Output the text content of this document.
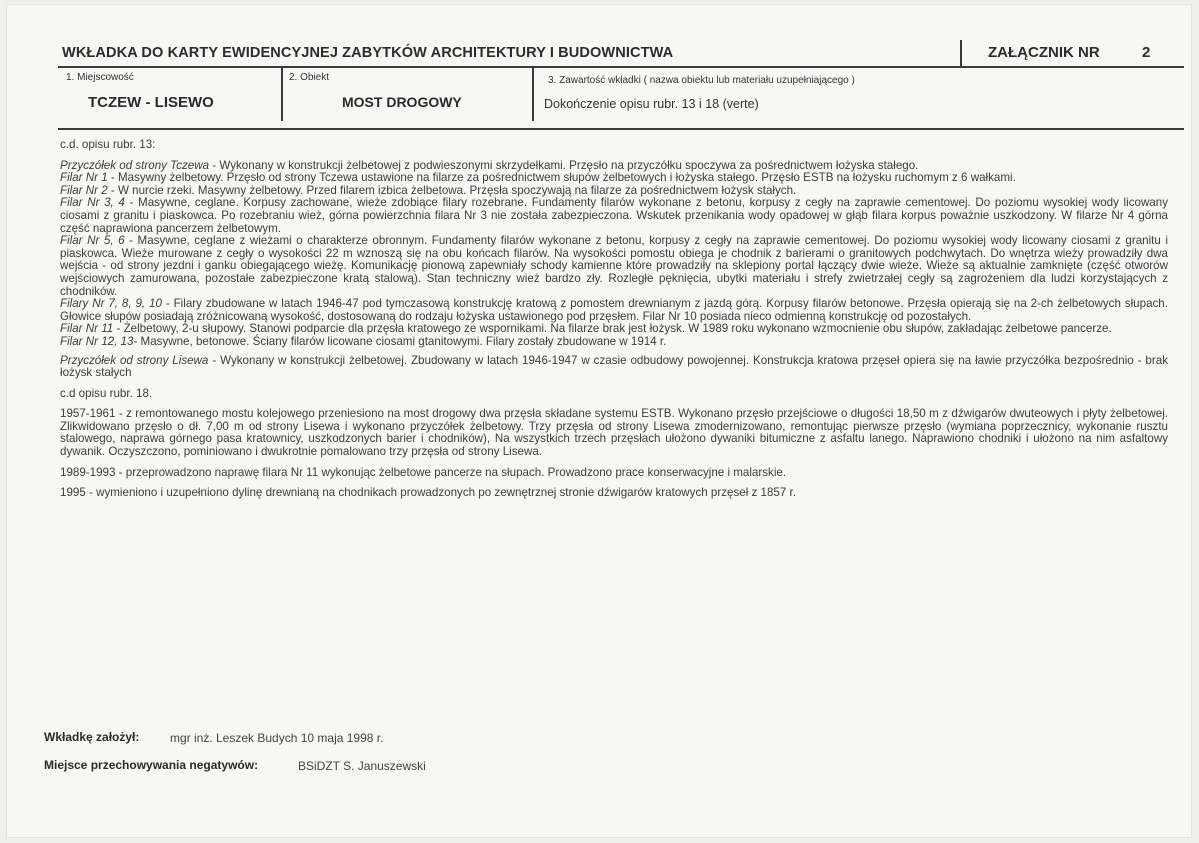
WKŁADKA DO KARTY EWIDENCYJNEJ ZABYTKÓW ARCHITEKTURY I BUDOWNICTWA	ZAŁĄCZNIK NR	2
1. Miejscowość
TCZEW - LISEWO
2. Obiekt
MOST DROGOWY
3. Zawartość wkładki ( nazwa obiektu lub materiału uzupełniającego )
Dokończenie opisu rubr. 13 i 18 (verte)

c.d. opisu rubr. 13:

Przyczółek od strony Tczewa - Wykonany w konstrukcji żelbetowej z podwieszonymi skrzydełkami. Przęsło na przyczółku spoczywa za pośrednictwem łożyska stałego.

Filar Nr 1 - Masywny żelbetowy. Przęsło od strony Tczewa ustawione na filarze za pośrednictwem słupów żelbetowych i łożyska stałego. Przęsło ESTB na łożysku ruchomym z 6 wałkami.

Filar Nr 2 - W nurcie rzeki. Masywny żelbetowy. Przed filarem izbica żelbetowa. Przęsła spoczywają na filarze za pośrednictwem łożysk stałych.

Filar Nr 3, 4 - Masywne, ceglane. Korpusy zachowane, wieże zdobiące filary rozebrane. Fundamenty filarów wykonane z betonu, korpusy z cegły na zaprawie cementowej. Do poziomu wysokiej wody licowany ciosami z granitu i piaskowca. Po rozebraniu wież, górna powierzchnia filara Nr 3 nie została zabezpieczona. Wskutek przenikania wody opadowej w głąb filara korpus poważnie uszkodzony. W filarze Nr 4 górna część naprawiona pancerzem żelbetowym.

Filar Nr 5, 6 - Masywne, ceglane z wieżami o charakterze obronnym. Fundamenty filarów wykonane z betonu, korpusy z cegły na zaprawie cementowej. Do poziomu wysokiej wody licowany ciosami z granitu i piaskowca. Wieże murowane z cegły o wysokości 22 m wznoszą się na obu końcach filarów. Na wysokości pomostu obiega je chodnik z barierami o granitowych podchwytach. Do wnętrza wieży prowadziły dwa wejścia - od strony jezdni i ganku obiegającego wieżę. Komunikację pionową zapewniały schody kamienne które prowadziły na sklepiony portal łączący dwie wieże. Wieże są aktualnie zamknięte (część otworów wejściowych zamurowana, pozostałe zabezpieczone kratą stalową). Stan techniczny wież bardzo zły. Rozległe pęknięcia, ubytki materiału i strefy zwietrzałej cegły są zagrożeniem dla ludzi korzystających z chodników.

Filary Nr 7, 8, 9, 10 - Filary zbudowane w latach 1946-47 pod tymczasową konstrukcję kratową z pomostem drewnianym z jazdą górą. Korpusy filarów betonowe. Przęsła opierają się na 2-ch żelbetowych słupach. Głowice słupów posiadają zróżnicowaną wysokość, dostosowaną do rodzaju łożyska ustawionego pod przęsłem. Filar Nr 10 posiada nieco odmienną konstrukcję od pozostałych.

Filar Nr 11 - Żelbetowy, 2-u słupowy. Stanowi podparcie dla przęsła kratowego ze wspornikami. Na filarze brak jest łożysk. W 1989 roku wykonano wzmocnienie obu słupów, zakładając żelbetowe pancerze.

Filar Nr 12, 13- Masywne, betonowe. Ściany filarów licowane ciosami gtanitowymi. Filary zostały zbudowane w 1914 r.

Przyczółek od strony Lisewa - Wykonany w konstrukcji żelbetowej. Zbudowany w latach 1946-1947 w czasie odbudowy powojennej. Konstrukcja kratowa przęseł opiera się na ławie przyczółka bezpośrednio - brak łożysk stałych

c.d opisu rubr. 18.

1957-1961 - z remontowanego mostu kolejowego przeniesiono na most drogowy dwa przęsła składane systemu ESTB. Wykonano przęsło przejściowe o długości 18,50 m z dźwigarów dwuteowych i płyty żelbetowej. Zlikwidowano przęsło o dł. 7,00 m od strony Lisewa i wykonano przyczółek żelbetowy. Trzy przęsła od strony Lisewa zmodernizowano, remontując pierwsze przęsło (wymiana poprzecznicy, wykonanie rusztu stalowego, naprawa górnego pasa kratownicy, uszkodzonych barier i chodników), Na wszystkich trzech przęsłach ułożono dywaniki bitumiczne z asfaltu lanego. Naprawiono chodniki i ułożono na nim asfaltowy dywanik. Oczyszczono, pominiowano i dwukrotnie pomalowano trzy przęsła od strony Lisewa.

1989-1993 - przeprowadzono naprawę filara Nr 11 wykonując żelbetowe pancerze na słupach. Prowadzono prace konserwacyjne i malarskie.

1995 - wymieniono i uzupełniono dylinę drewnianą na chodnikach prowadzonych po zewnętrznej stronie dźwigarów kratowych przęseł z 1857 r.

Wkładkę założył:	mgr inż. Leszek Budych 10 maja 1998 r.
Miejsce przechowywania negatywów:	BSiDZT S. Januszewski
